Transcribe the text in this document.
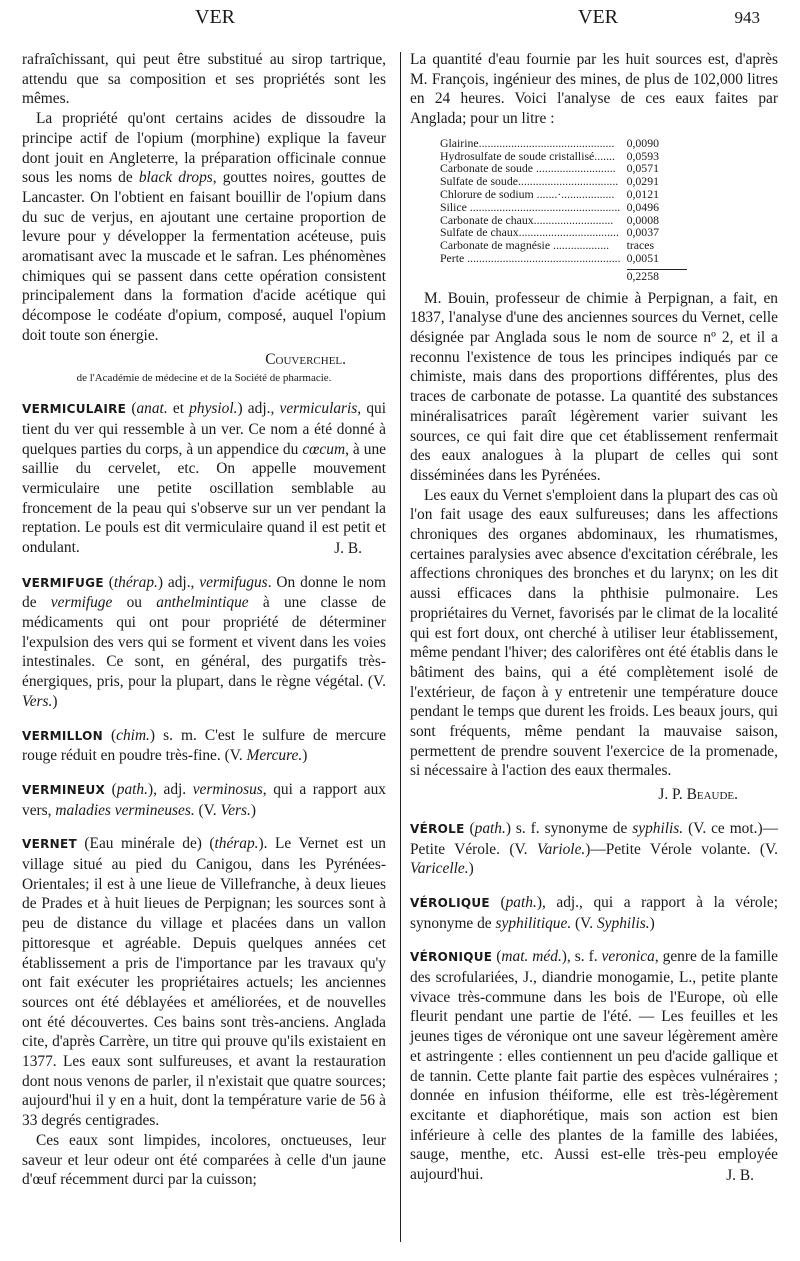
VER	VER	943

rafraîchissant, qui peut être substitué au sirop tartrique, attendu que sa composition et ses propriétés sont les mêmes.

La propriété qu'ont certains acides de dissoudre la principe actif de l'opium (morphine) explique la faveur dont jouit en Angleterre, la préparation officinale connue sous les noms de black drops, gouttes noires, gouttes de Lancaster. On l'obtient en faisant bouillir de l'opium dans du suc de verjus, en ajoutant une certaine proportion de levure pour y développer la fermentation acéteuse, puis aromatisant avec la muscade et le safran. Les phénomènes chimiques qui se passent dans cette opération consistent principalement dans la formation d'acide acétique qui décompose le codéate d'opium, composé, auquel l'opium doit toute son énergie.

Couverchel.
de l'Académie de médecine et de la Société de pharmacie.

VERMICULAIRE (anat. et physiol.) adj., vermicularis, qui tient du ver qui ressemble à un ver. Ce nom a été donné à quelques parties du corps, à un appendice du cœcum, à une saillie du cervelet, etc. On appelle mouvement vermiculaire une petite oscillation semblable au froncement de la peau qui s'observe sur un ver pendant la reptation. Le pouls est dit vermiculaire quand il est petit et ondulant.	J. B.

VERMIFUGE (thérap.) adj., vermifugus. On donne le nom de vermifuge ou anthelmintique à une classe de médicaments qui ont pour propriété de déterminer l'expulsion des vers qui se forment et vivent dans les voies intestinales. Ce sont, en général, des purgatifs très-énergiques, pris, pour la plupart, dans le règne végétal. (V. Vers.)

VERMILLON (chim.) s. m. C'est le sulfure de mercure rouge réduit en poudre très-fine. (V. Mercure.)

VERMINEUX (path.), adj. verminosus, qui a rapport aux vers, maladies vermineuses. (V. Vers.)

VERNET (Eau minérale de) (thérap.). Le Vernet est un village situé au pied du Canigou, dans les Pyrénées-Orientales; il est à une lieue de Villefranche, à deux lieues de Prades et à huit lieues de Perpignan; les sources sont à peu de distance du village et placées dans un vallon pittoresque et agréable. Depuis quelques années cet établissement a pris de l'importance par les travaux qu'y ont fait exécuter les propriétaires actuels; les anciennes sources ont été déblayées et améliorées, et de nouvelles ont été découvertes. Ces bains sont très-anciens. Anglada cite, d'après Carrère, un titre qui prouve qu'ils existaient en 1377. Les eaux sont sulfureuses, et avant la restauration dont nous venons de parler, il n'existait que quatre sources; aujourd'hui il y en a huit, dont la température varie de 56 à 33 degrés centigrades.

Ces eaux sont limpides, incolores, onctueuses, leur saveur et leur odeur ont été comparées à celle d'un jaune d'œuf récemment durci par la cuisson;

La quantité d'eau fournie par les huit sources est, d'après M. François, ingénieur des mines, de plus de 102,000 litres en 24 heures. Voici l'analyse de ces eaux faites par Anglada; pour un litre :

Glairine..............................................	0,0090
Hydrosulfate de soude cristallisé.......	0,0593
Carbonate de soude ...........................	0,0571
Sulfate de soude..................................	0,0291
Chlorure de sodium .......·..................	0,0121
Silice ...................................................	0,0496
Carbonate de chaux...........................	0,0008
Sulfate de chaux..................................	0,0037
Carbonate de magnésie ...................	traces
Perte ....................................................	0,0051

	0,2258

M. Bouin, professeur de chimie à Perpignan, a fait, en 1837, l'analyse d'une des anciennes sources du Vernet, celle désignée par Anglada sous le nom de source nº 2, et il a reconnu l'existence de tous les principes indiqués par ce chimiste, mais dans des proportions différentes, plus des traces de carbonate de potasse. La quantité des substances minéralisatrices paraît légèrement varier suivant les sources, ce qui fait dire que cet établissement renfermait des eaux analogues à la plupart de celles qui sont disséminées dans les Pyrénées.

Les eaux du Vernet s'emploient dans la plupart des cas où l'on fait usage des eaux sulfureuses; dans les affections chroniques des organes abdominaux, les rhumatismes, certaines paralysies avec absence d'excitation cérébrale, les affections chroniques des bronches et du larynx; on les dit aussi efficaces dans la phthisie pulmonaire. Les propriétaires du Vernet, favorisés par le climat de la localité qui est fort doux, ont cherché à utiliser leur établissement, même pendant l'hiver; des calorifères ont été établis dans le bâtiment des bains, qui a été complètement isolé de l'extérieur, de façon à y entretenir une température douce pendant le temps que durent les froids. Les beaux jours, qui sont fréquents, même pendant la mauvaise saison, permettent de prendre souvent l'exercice de la promenade, si nécessaire à l'action des eaux thermales.

J. P. Beaude.

VÉROLE (path.) s. f. synonyme de syphilis. (V. ce mot.)—Petite Vérole. (V. Variole.)—Petite Vérole volante. (V. Varicelle.)

VÉROLIQUE (path.), adj., qui a rapport à la vérole; synonyme de syphilitique. (V. Syphilis.)

VÉRONIQUE (mat. méd.), s. f. veronica, genre de la famille des scrofulariées, J., diandrie monogamie, L., petite plante vivace très-commune dans les bois de l'Europe, où elle fleurit pendant une partie de l'été. — Les feuilles et les jeunes tiges de véronique ont une saveur légèrement amère et astringente : elles contiennent un peu d'acide gallique et de tannin. Cette plante fait partie des espèces vulnéraires ; donnée en infusion théiforme, elle est très-légèrement excitante et diaphorétique, mais son action est bien inférieure à celle des plantes de la famille des labiées, sauge, menthe, etc. Aussi est-elle très-peu employée aujourd'hui.	J. B.
